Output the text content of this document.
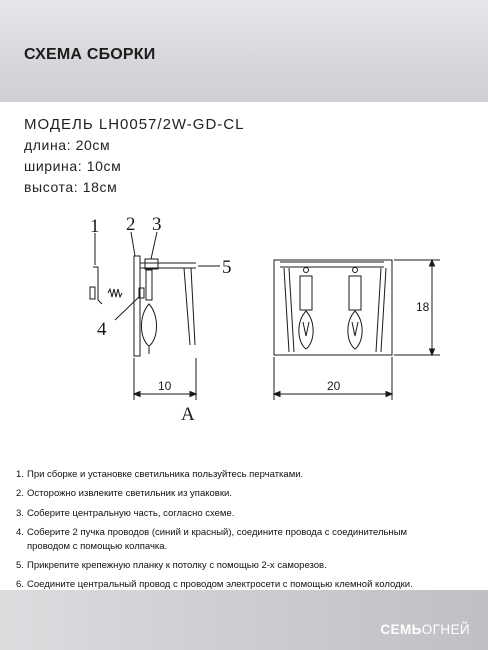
СХЕМА СБОРКИ
МОДЕЛЬ LH0057/2W-GD-CL
длина: 20см
ширина: 10см
высота: 18см
1 2 3
4
5
10
A
20
18
1. При сборке и установке светильника пользуйтесь перчатками.
2. Осторожно извлеките светильник из упаковки.
3. Соберите центральную часть, согласно схеме.
4. Соберите 2 пучка проводов (синий и красный), соедините провода с соединительным
проводом с помощью колпачка.
5. Прикрепите крепежную планку к потолку с помощью 2-х саморезов.
6. Соедините центральный провод с проводом электросети с помощью клемной колодки.
СЕМЬОГНЕЙ
